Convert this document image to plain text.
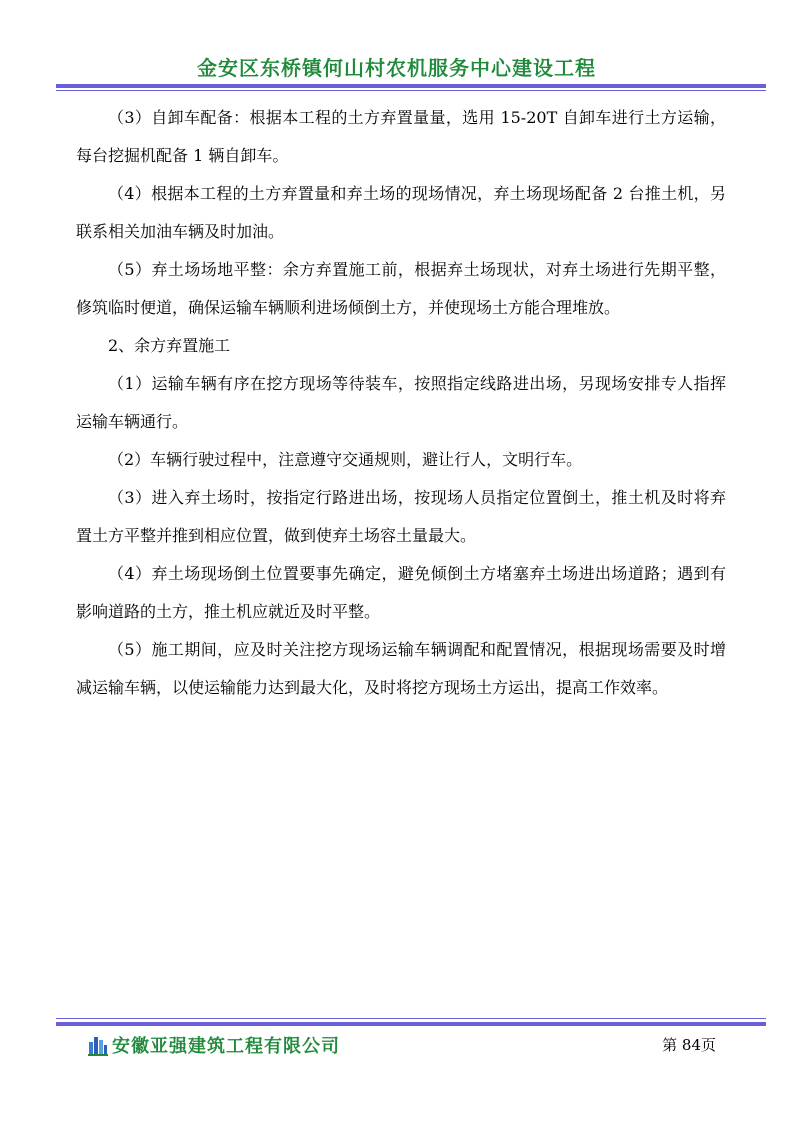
金安区东桥镇何山村农机服务中心建设工程

（3）自卸车配备：根据本工程的土方弃置量量，选用 15-20T 自卸车进行土方运输，每台挖掘机配备 1 辆自卸车。

（4）根据本工程的土方弃置量和弃土场的现场情况，弃土场现场配备 2 台推土机，另联系相关加油车辆及时加油。

（5）弃土场场地平整：余方弃置施工前，根据弃土场现状，对弃土场进行先期平整，修筑临时便道，确保运输车辆顺利进场倾倒土方，并使现场土方能合理堆放。

2、余方弃置施工

（1）运输车辆有序在挖方现场等待装车，按照指定线路进出场，另现场安排专人指挥运输车辆通行。

（2）车辆行驶过程中，注意遵守交通规则，避让行人，文明行车。

（3）进入弃土场时，按指定行路进出场，按现场人员指定位置倒土，推土机及时将弃置土方平整并推到相应位置，做到使弃土场容土量最大。

（4）弃土场现场倒土位置要事先确定，避免倾倒土方堵塞弃土场进出场道路；遇到有影响道路的土方，推土机应就近及时平整。

（5）施工期间，应及时关注挖方现场运输车辆调配和配置情况，根据现场需要及时增减运输车辆，以使运输能力达到最大化，及时将挖方现场土方运出，提高工作效率。

安徽亚强建筑工程有限公司	第 84页
